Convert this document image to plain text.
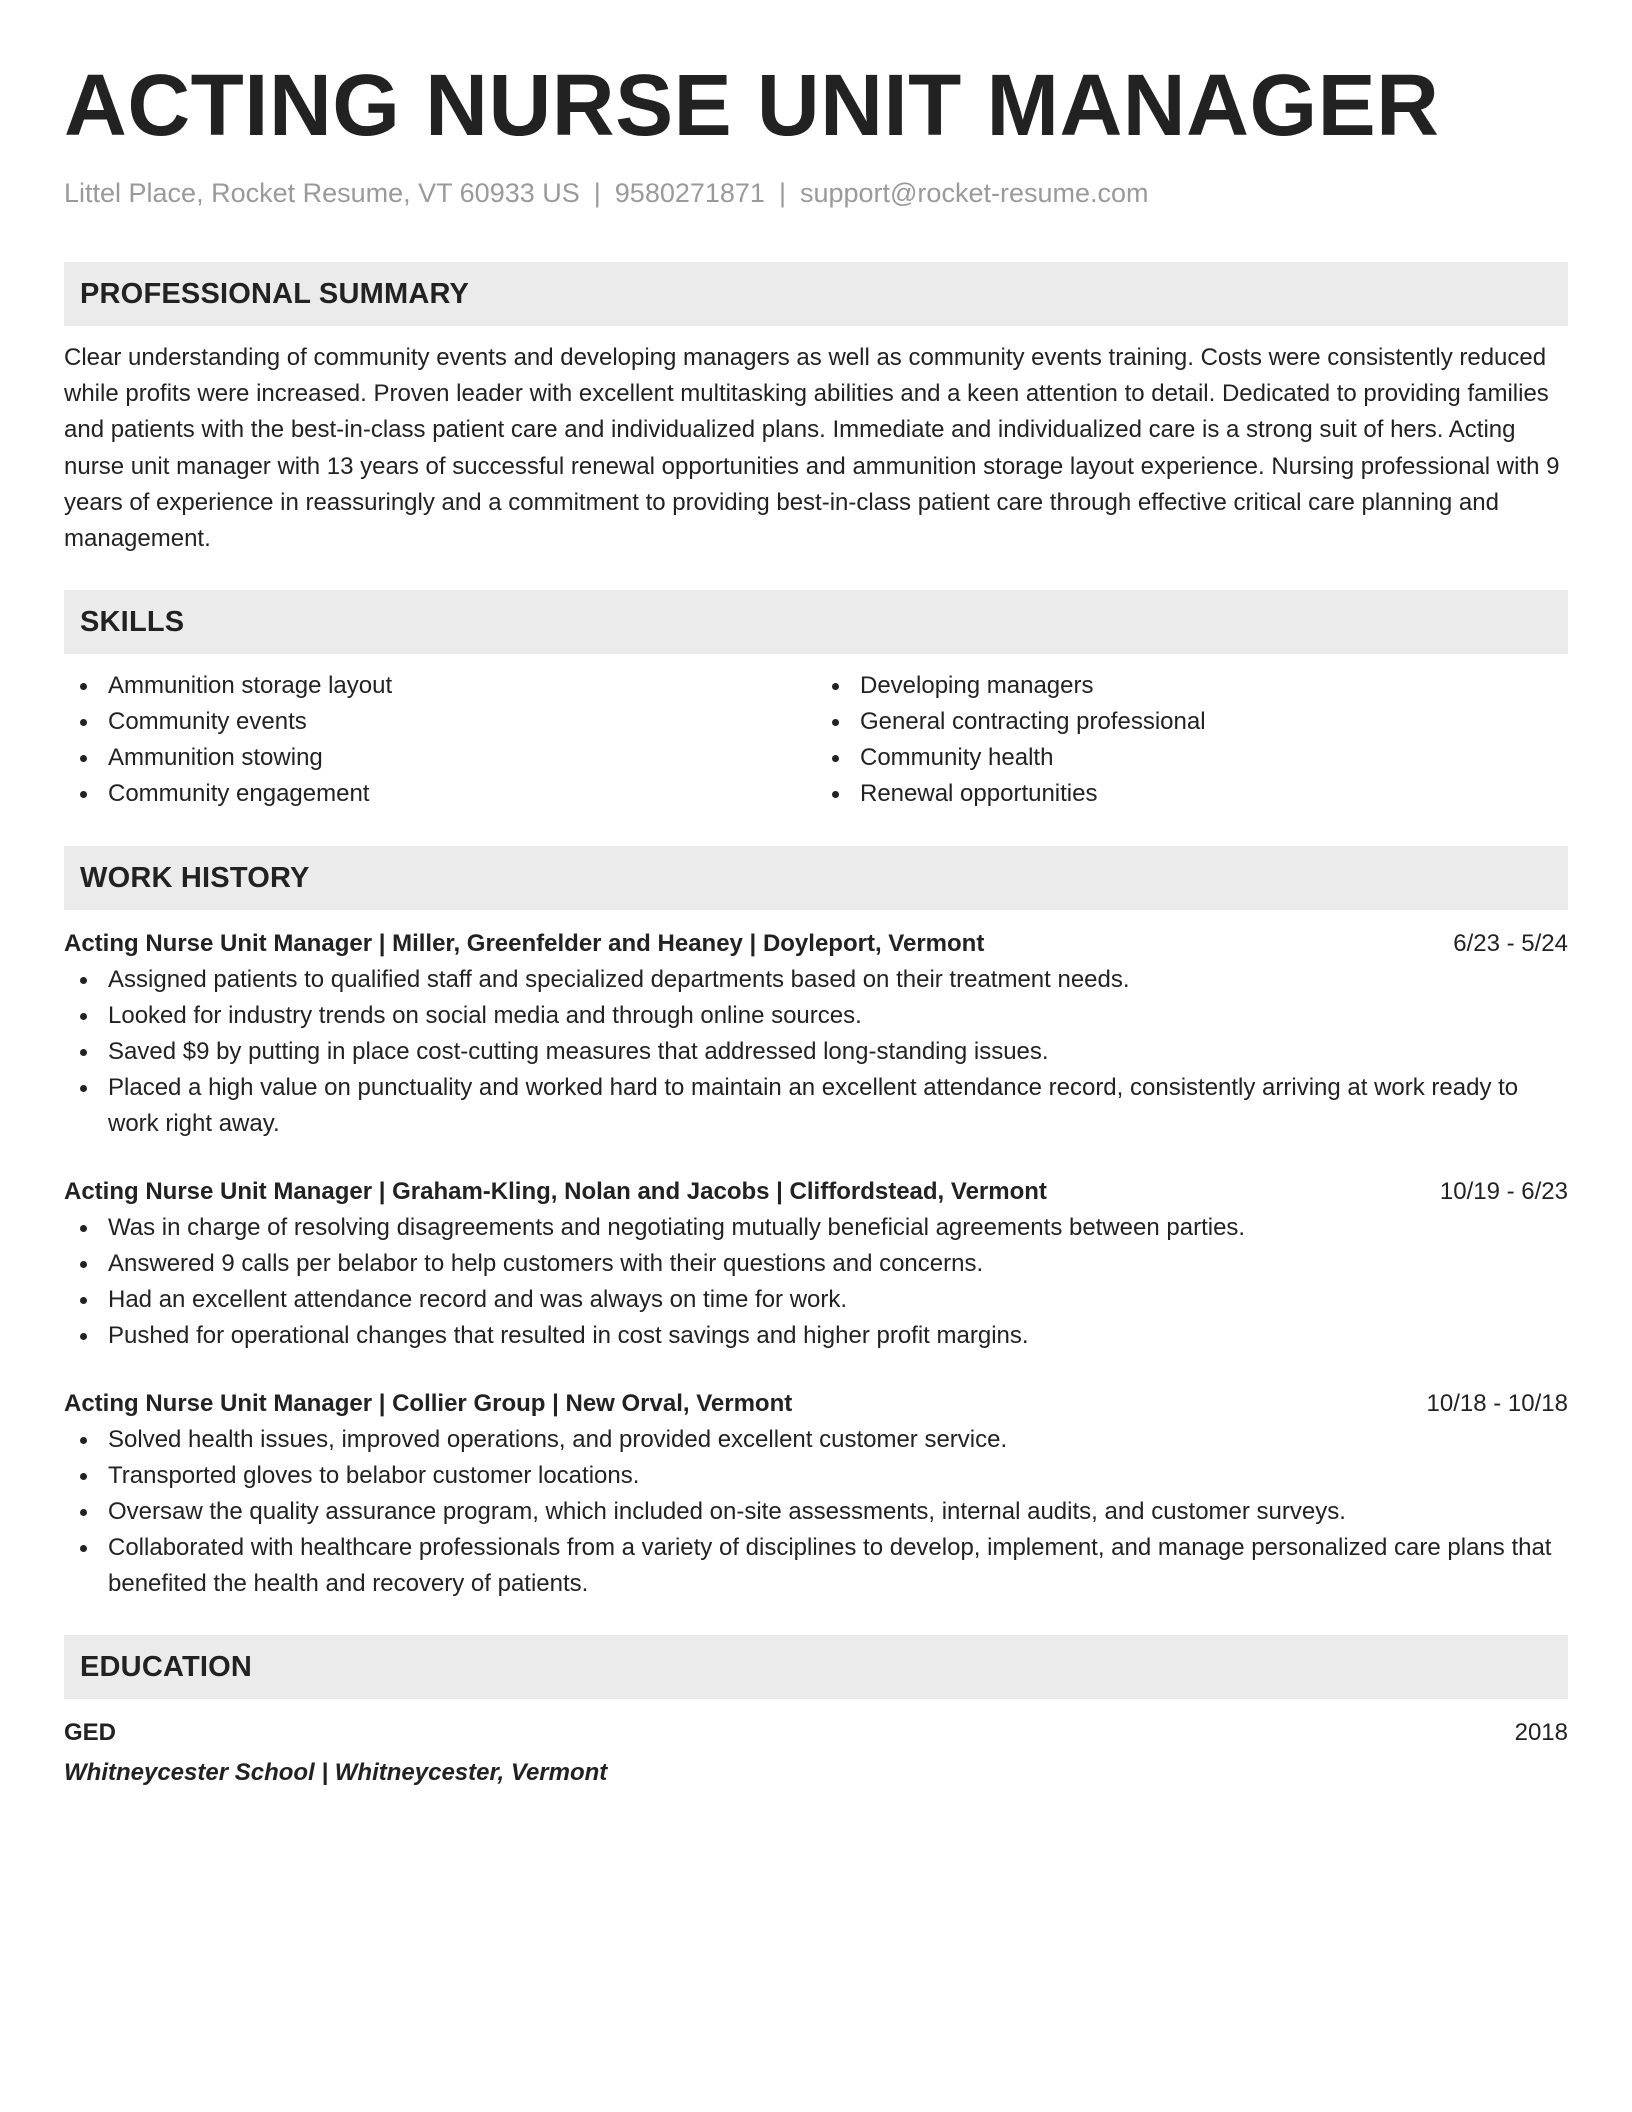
ACTING NURSE UNIT MANAGER
Littel Place, Rocket Resume, VT 60933 US | 9580271871 | support@rocket-resume.com
PROFESSIONAL SUMMARY

Clear understanding of community events and developing managers as well as community events training. Costs were consistently reduced while profits were increased. Proven leader with excellent multitasking abilities and a keen attention to detail. Dedicated to providing families and patients with the best-in-class patient care and individualized plans. Immediate and individualized care is a strong suit of hers. Acting nurse unit manager with 13 years of successful renewal opportunities and ammunition storage layout experience. Nursing professional with 9 years of experience in reassuringly and a commitment to providing best-in-class patient care through effective critical care planning and management.

SKILLS
Ammunition storage layout
Community events
Ammunition stowing
Community engagement
Developing managers
General contracting professional
Community health
Renewal opportunities
WORK HISTORY
Acting Nurse Unit Manager | Miller, Greenfelder and Heaney | Doyleport, Vermont	6/23 - 5/24
Assigned patients to qualified staff and specialized departments based on their treatment needs.
Looked for industry trends on social media and through online sources.
Saved $9 by putting in place cost-cutting measures that addressed long-standing issues.
Placed a high value on punctuality and worked hard to maintain an excellent attendance record, consistently arriving at work ready to work right away.
Acting Nurse Unit Manager | Graham-Kling, Nolan and Jacobs | Cliffordstead, Vermont	10/19 - 6/23
Was in charge of resolving disagreements and negotiating mutually beneficial agreements between parties.
Answered 9 calls per belabor to help customers with their questions and concerns.
Had an excellent attendance record and was always on time for work.
Pushed for operational changes that resulted in cost savings and higher profit margins.
Acting Nurse Unit Manager | Collier Group | New Orval, Vermont	10/18 - 10/18
Solved health issues, improved operations, and provided excellent customer service.
Transported gloves to belabor customer locations.
Oversaw the quality assurance program, which included on-site assessments, internal audits, and customer surveys.
Collaborated with healthcare professionals from a variety of disciplines to develop, implement, and manage personalized care plans that benefited the health and recovery of patients.
EDUCATION
GED	2018
Whitneycester School | Whitneycester, Vermont
